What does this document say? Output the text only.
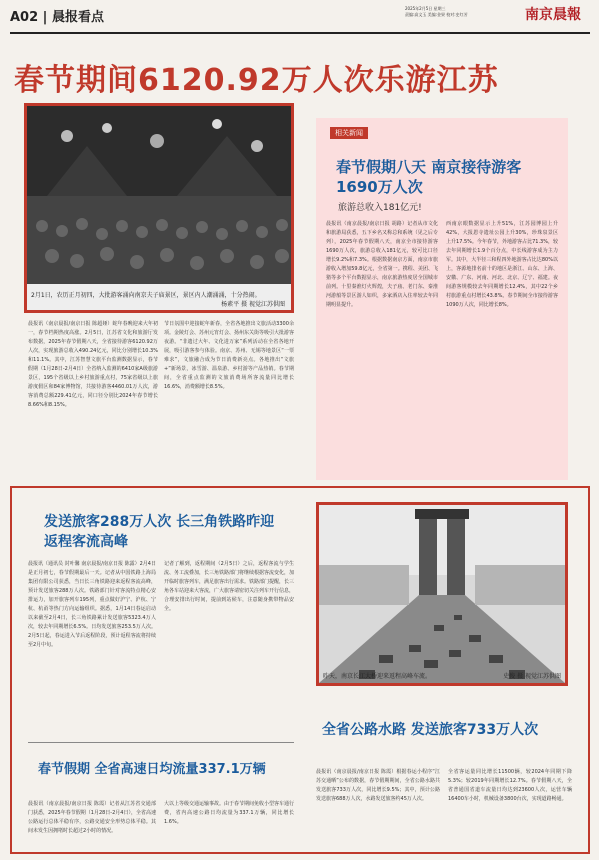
A02 | 晨报看点
2025年2月5日 星期三
责编:高文玉 美编:金果 校对:史红芳	南京晨報
春节期间6120.92万人次乐游江苏
2月1日，农历正月初四，大批游客涌向南京夫子庙景区，景区内人潮涌涌，十分热闹。
杨素平 摄 视觉江苏供图
相关新闻
春节假期八天 南京接待游客1690万人次
旅游总收入181亿元!
晨报讯（南京晨报/南京日报 胡路）记者从市文化和旅游局获悉，五下乡名又称总和系统（见之后专列），2025年春节假期八天，南京全市接待游客1690万人次，旅游总收入181亿元，较可比口径增长9.2%和7.3%。根据数据南京方面，南京市旅游收入增加59.8亿元，全省第一。携程、美团、飞猪等多个平台数据显示，南京旅游热度居全国城市前列。十里秦淮灯火辉煌，夫子庙、老门东、秦淮河游船等景区游人如织，多家酒店入住率较去年同期明显提升。
西南京眼数据显示上升51%，江苏园博园上升42%，大报恩寺遗址公园上升30%，珍珠泉景区上升17.5%。今年春节，外地游客占比71.3%，较去年同期增长1.9个百分点，中长线游客成为主力军。其中，大半径三和程四外地游客占比达80%以上，客源地排名前十的地区是浙江、山东、上海、安徽、广东、河南、河北、北京、辽宁、福建。夜间游客规模较去年同期增长12.4%，其中22个乡村旅游重点村增长43.8%。春节期间全市接待游客1090万人次，同比增长8%。
晨报讯（南京晨报/南京日报 陈超娅）蛇年春晚迎来大年初一，春节档期热度高涨。2月5日，江苏省文化和旅游厅发布数据，2025年春节假期八天，全省接待游客6120.92万人次，实现旅游总收入490.24亿元，同比分别增长10.3%和11.1%。其中，江苏智慧文旅平台监测数据显示，春节假期（1月28日-2月4日）全省纳入监测的6410家A级旅游景区，195个省级以上乡村旅游重点村，75家省级以上旅游度假区和84家博物馆，共接待游客4460.01万人次，游客消费总额229.41亿元，同口径分别比2024年春节增长8.66%和8.15%。
节日氛围中迎接蛇年新春，全省各地推出文旅活动3300余项。金陵灯会、苏州元宵灯会、扬州东关街等吸引大批游客夜游。“非遗过大年、文化进万家”系列活动在全省各地开展，吸引游客参与体验。南京、苏州、无锡等地景区“一票难求”，文旅融合成为节日消费新亮点。各地推出“文旅+”新场景，冰雪游、温泉游、乡村游等产品热销。春节期间，全省重点监测的文旅消费场所客流量同比增长16.6%，消费额增长8.5%。
发送旅客288万人次 长三角铁路昨迎返程客流高峰
晨报讯（通讯员 封叶馨 南京晨报/南京日报 陈露）2月4日是正月初七，春节假期最后一天。记者从中国铁路上海局集团有限公司获悉，当日长三角铁路迎来返程客流高峰，预计发送旅客288万人次。铁路部门针对客流特点精心安排运力，加开旅客列车195列，重点做好沪宁、沪杭、宁杭、杭甬等热门方向运输组织。据悉，1月14日春运启动以来截至2月4日，长三角铁路累计发送旅客5323.4万人次，较去年同期增长6.5%。日均发送旅客253.5万人次。2月5日起，春运进入节后返程阶段，预计返程客流将持续至2月中旬。
记者了解到，返程期间（2月5日）之后，返程客流与学生流、务工流叠加，长三角铁路部门将继续根据客流变化，加开临时旅客列车，满足旅客出行需求。铁路部门提醒，长三角各车站迎来大客流，广大旅客请密切关注列车开行信息，合理安排出行时间，提前到站候车，注意随身携带物品安全。
春节假期 全省高速日均流量337.1万辆
晨报讯（南京晨报/南京日报 陈霞）记者从江苏省交通部门获悉，2025年春节假期（1月28日-2月4日），全省高速公路运行总体平稳有序，公路交通安全形势总体平稳。其间未发生因拥堵时长超过2小时的情况。
大以上等级交通运输事故。由于春节期间免收小型客车通行费，省内高速公路日均流量为337.1万辆，同比增长1.6%。
昨天，南京长江大桥迎来返程高峰车流。	史俊 摄 视觉江苏供图
全省公路水路 发送旅客733万人次
晨报讯（南京晨报/南京日报 陈霞）根据春运小程序“江苏交通晒”公布的数据，春节假期期间，全省公路水路共发送旅客733万人次，同比增长9.5%；其中，预计公路发送旅客688万人次，水路发送旅客约45万人次。
全省客运量同比增长11500辆，较2024年同期下降5.3%；较2019年同期增长12.7%。春节假期八天，全省普通国省道车流量日均达到23600人次，运营车辆16400车小时，机械设备3800台次，实现道路畅通。
